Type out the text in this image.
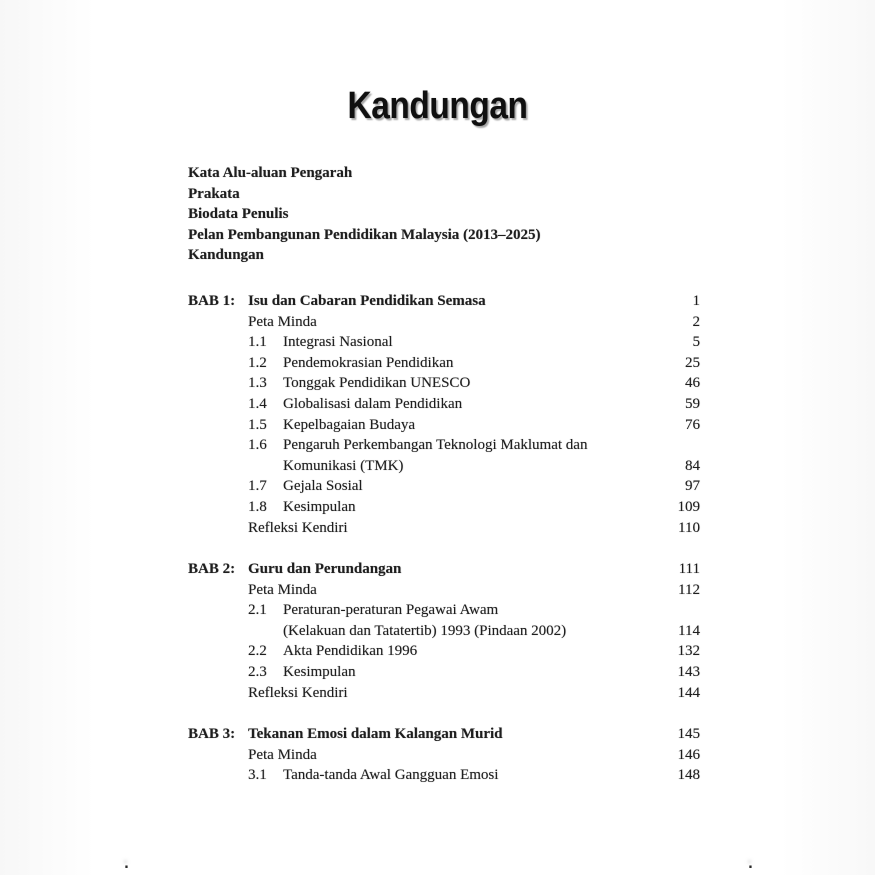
Kandungan
Kata Alu-aluan Pengarah
Prakata
Biodata Penulis
Pelan Pembangunan Pendidikan Malaysia (2013–2025)
Kandungan
BAB 1: Isu dan Cabaran Pendidikan Semasa	1
Peta Minda	2
1.1	Integrasi Nasional	5
1.2	Pendemokrasian Pendidikan	25
1.3	Tonggak Pendidikan UNESCO	46
1.4	Globalisasi dalam Pendidikan	59
1.5	Kepelbagaian Budaya	76
1.6	Pengaruh Perkembangan Teknologi Maklumat dan
Komunikasi (TMK)	84
1.7	Gejala Sosial	97
1.8	Kesimpulan	109
Refleksi Kendiri	110
BAB 2: Guru dan Perundangan	111
Peta Minda	112
2.1	Peraturan-peraturan Pegawai Awam
(Kelakuan dan Tatatertib) 1993 (Pindaan 2002)	114
2.2	Akta Pendidikan 1996	132
2.3	Kesimpulan	143
Refleksi Kendiri	144
BAB 3: Tekanan Emosi dalam Kalangan Murid	145
Peta Minda	146
3.1	Tanda-tanda Awal Gangguan Emosi	148
.	.
